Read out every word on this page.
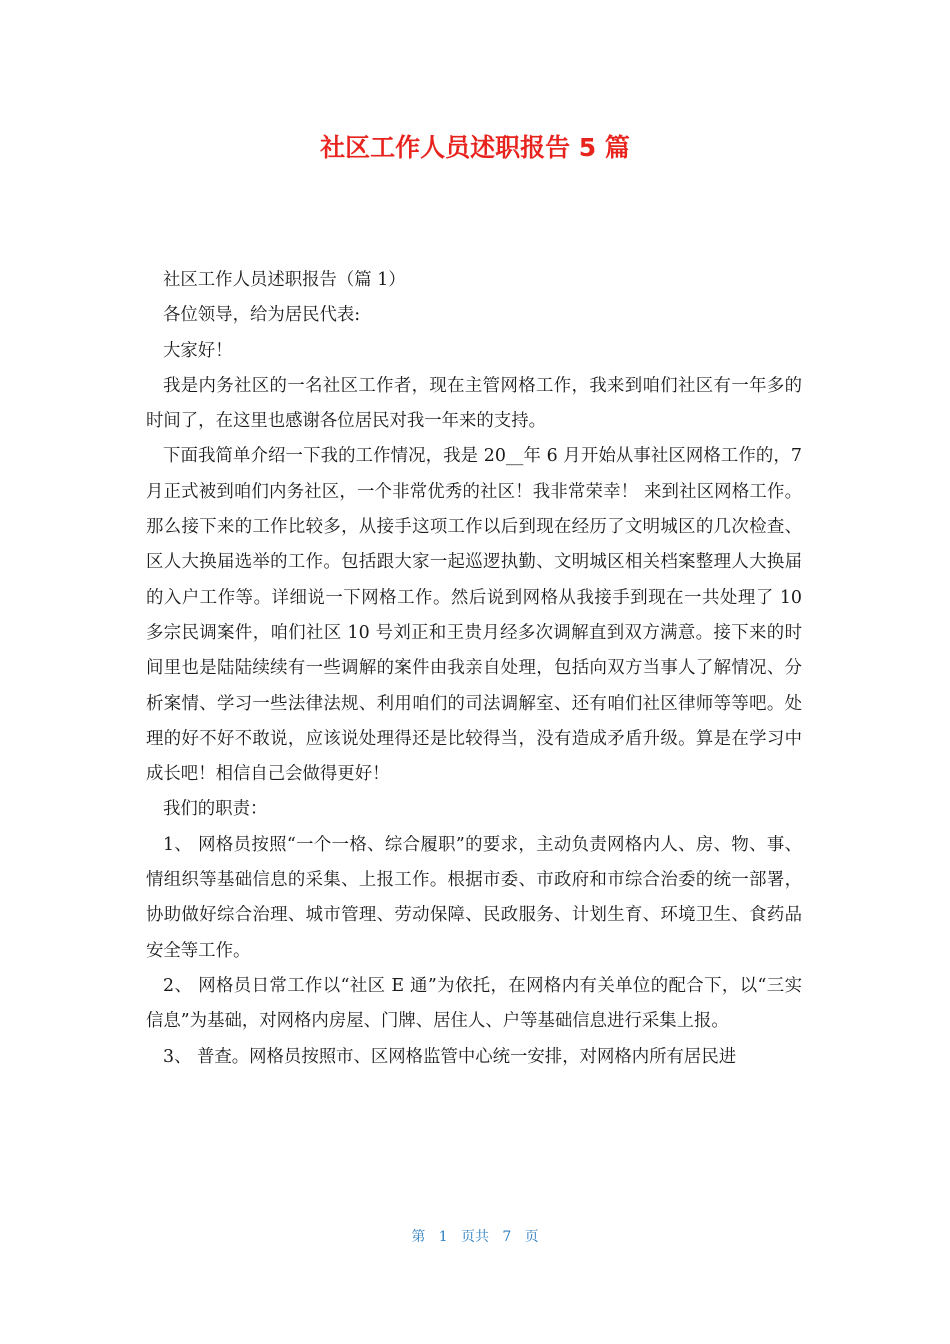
社区工作人员述职报告 5 篇

社区工作人员述职报告（篇 1）

各位领导，给为居民代表:

大家好！

我是内务社区的一名社区工作者，现在主管网格工作，我来到咱们社区有一年多的时间了，在这里也感谢各位居民对我一年来的支持。

下面我简单介绍一下我的工作情况，我是 20__年 6 月开始从事社区网格工作的，7 月正式被到咱们内务社区，一个非常优秀的社区！我非常荣幸！ 来到社区网格工作。那么接下来的工作比较多，从接手这项工作以后到现在经历了文明城区的几次检查、区人大换届选举的工作。包括跟大家一起巡逻执勤、文明城区相关档案整理人大换届的入户工作等。详细说一下网格工作。然后说到网格从我接手到现在一共处理了 10 多宗民调案件，咱们社区 10 号刘正和王贵月经多次调解直到双方满意。接下来的时间里也是陆陆续续有一些调解的案件由我亲自处理，包括向双方当事人了解情况、分析案情、学习一些法律法规、利用咱们的司法调解室、还有咱们社区律师等等吧。处理的好不好不敢说，应该说处理得还是比较得当，没有造成矛盾升级。算是在学习中成长吧！相信自己会做得更好！

我们的职责：

1、 网格员按照“一个一格、综合履职”的要求，主动负责网格内人、房、物、事、情组织等基础信息的采集、上报工作。根据市委、市政府和市综合治委的统一部署，协助做好综合治理、城市管理、劳动保障、民政服务、计划生育、环境卫生、食药品安全等工作。

2、 网格员日常工作以“社区 E 通”为依托，在网格内有关单位的配合下，以“三实信息”为基础，对网格内房屋、门牌、居住人、户等基础信息进行采集上报。

3、 普查。网格员按照市、区网格监管中心统一安排，对网格内所有居民进

第 1 页共 7 页
